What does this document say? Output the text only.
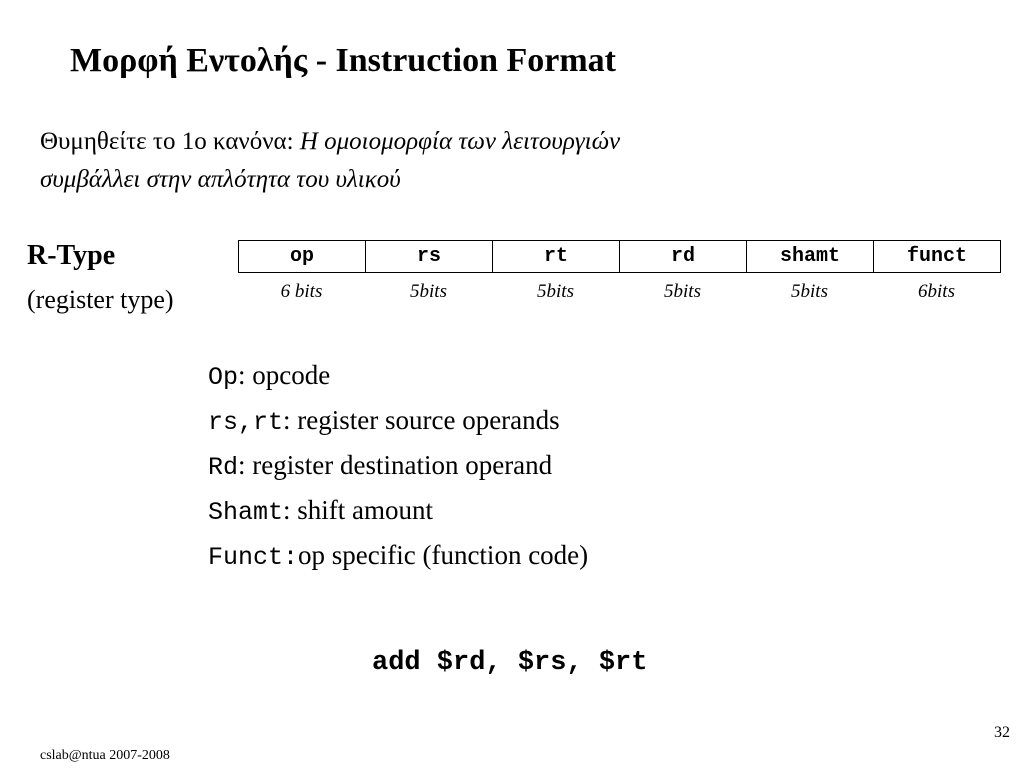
Μορφή Εντολής - Instruction Format
Θυμηθείτε το 1ο κανόνα: Η ομοιομορφία των λειτουργιών
συμβάλλει στην απλότητα του υλικού
R-Type
(register type)
op	rs	rt	rd	shamt	funct
6 bits	5bits	5bits	5bits	5bits	6bits
Op : opcode
rs,rt : register source operands
Rd : register destination operand
Shamt : shift amount
Funct: op specific (function code)
add $rd, $rs, $rt
cslab@ntua 2007-2008
32
